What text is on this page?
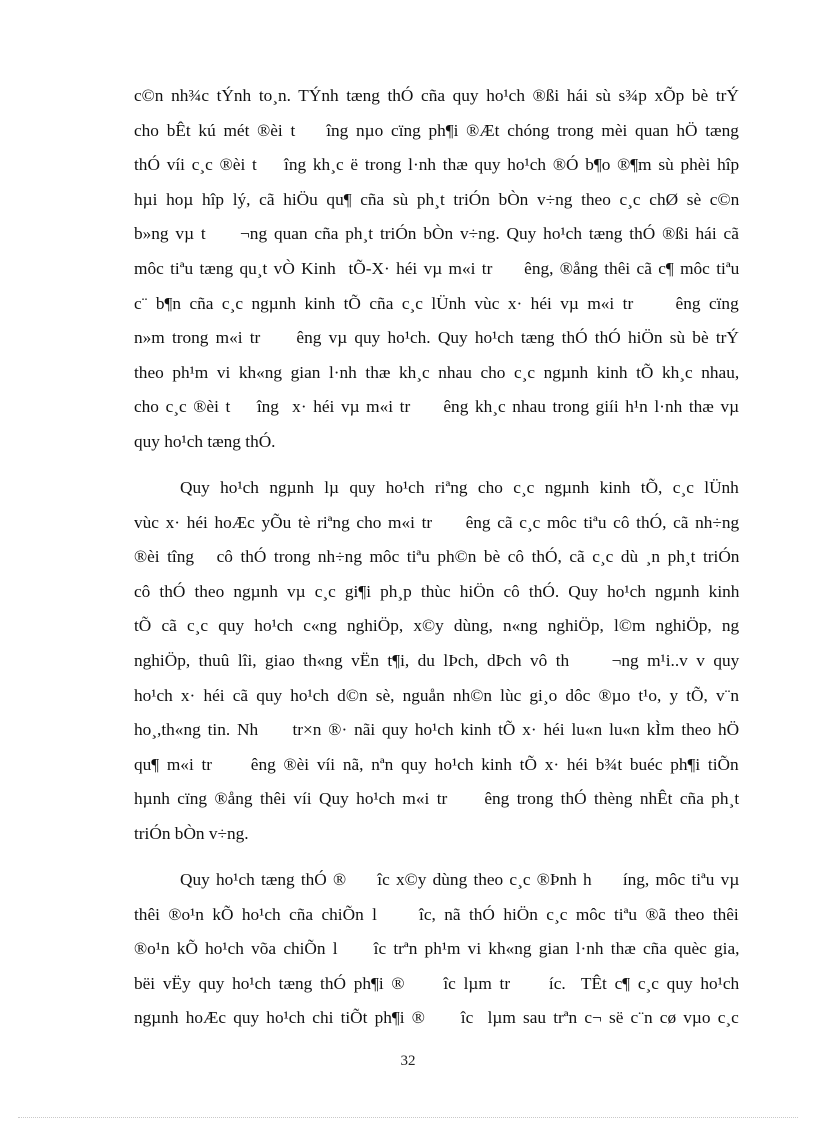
c©n nh¾c tÝnh to¸n. TÝnh tæng thÓ cña quy ho¹ch ®ßi hái sù s¾p xÕp bè trÝ
cho bÊt kú mét ®èi t    îng nµo cïng ph¶i ®Æt chóng trong mèi quan hÖ tæng
thÓ víi c¸c ®èi t    îng kh¸c ë trong l·nh thæ quy ho¹ch ®Ó b¶o ®¶m sù phèi hîp
hµi hoµ hîp lý, cã hiÖu qu¶ cña sù ph¸t triÓn bÒn v÷ng theo c¸c chØ sè c©n
b»ng vµ t     ¬ng quan cña ph¸t triÓn bÒn v÷ng. Quy ho¹ch tæng thÓ ®ßi hái cã
môc tiªu tæng qu¸t vÒ Kinh  tÕ-X· héi vµ m«i tr     êng, ®ång thêi cã c¶ môc tiªu
c¨ b¶n cña c¸c ngµnh kinh tÕ cña c¸c lÜnh vùc x· héi vµ m«i tr     êng cïng
n»m trong m«i tr     êng vµ quy ho¹ch. Quy ho¹ch tæng thÓ thÓ hiÖn sù bè trÝ
theo ph¹m vi kh«ng gian l·nh thæ kh¸c nhau cho c¸c ngµnh kinh tÕ kh¸c nhau,
cho c¸c ®èi t    îng  x· héi vµ m«i tr     êng kh¸c nhau trong giíi h¹n l·nh thæ vµ
quy ho¹ch tæng thÓ.
Quy ho¹ch ngµnh lµ quy ho¹ch riªng cho c¸c ngµnh kinh tÕ, c¸c lÜnh
vùc x· héi hoÆc yÕu tè riªng cho m«i tr     êng cã c¸c môc tiªu cô thÓ, cã nh÷ng
®èi tîng   cô thÓ trong nh÷ng môc tiªu ph©n bè cô thÓ, cã c¸c dù ¸n ph¸t triÓn
cô thÓ theo ngµnh vµ c¸c gi¶i ph¸p thùc hiÖn cô thÓ. Quy ho¹ch ngµnh kinh
tÕ cã c¸c quy ho¹ch c«ng nghiÖp, x©y dùng, n«ng nghiÖp, l©m nghiÖp, ng
nghiÖp, thuû lîi, giao th«ng vËn t¶i, du lÞch, dÞch vô th     ¬ng m¹i..v v quy
ho¹ch x· héi cã quy ho¹ch d©n sè, nguån nh©n lùc gi¸o dôc ®µo t¹o, y tÕ, v¨n
ho¸,th«ng tin. Nh     tr×n ®· nãi quy ho¹ch kinh tÕ x· héi lu«n lu«n kÌm theo hÖ
qu¶ m«i tr     êng ®èi víi nã, nªn quy ho¹ch kinh tÕ x· héi b¾t buéc ph¶i tiÕn
hµnh cïng ®ång thêi víi Quy ho¹ch m«i tr     êng trong thÓ thèng nhÊt cña ph¸t
triÓn bÒn v÷ng.
Quy ho¹ch tæng thÓ ®     îc x©y dùng theo c¸c ®Þnh h     íng, môc tiªu vµ
thêi ®o¹n kÕ ho¹ch cña chiÕn l     îc, nã thÓ hiÖn c¸c môc tiªu ®ã theo thêi
®o¹n kÕ ho¹ch võa chiÕn l     îc trªn ph¹m vi kh«ng gian l·nh thæ cña quèc gia,
bëi vËy quy ho¹ch tæng thÓ ph¶i ®     îc lµm tr     íc.  TÊt c¶ c¸c quy ho¹ch
ngµnh hoÆc quy ho¹ch chi tiÕt ph¶i ®     îc  lµm sau trªn c¬ së c¨n cø vµo c¸c
32
